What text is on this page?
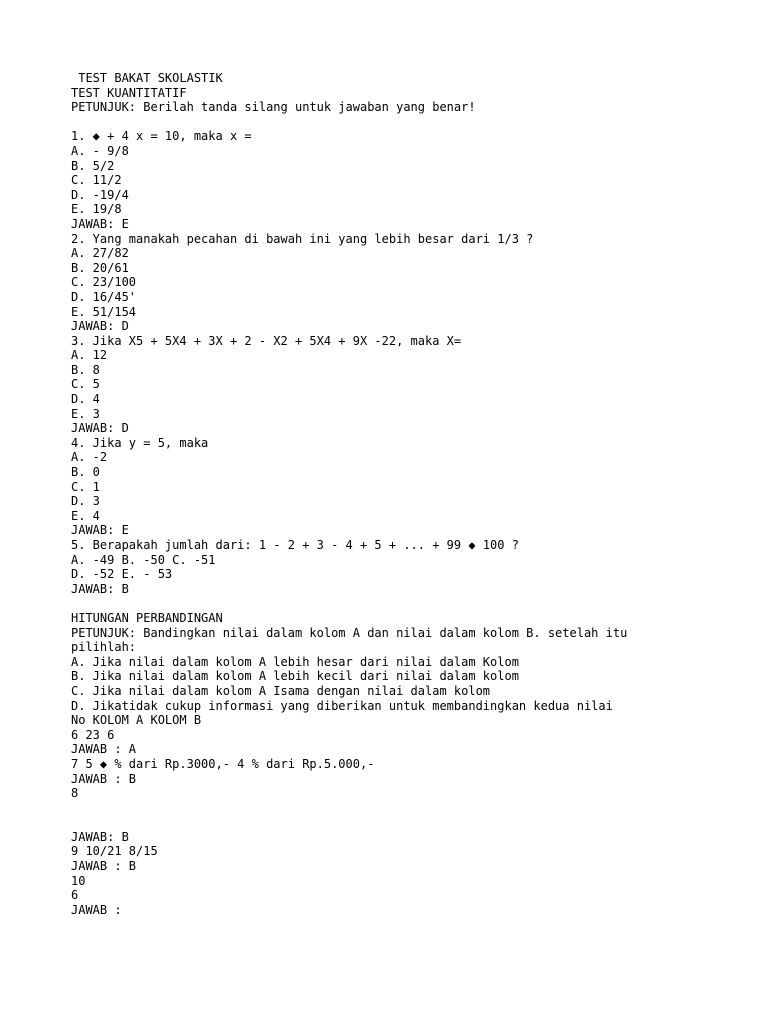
TEST BAKAT SKOLASTIK
TEST KUANTITATIF
PETUNJUK: Berilah tanda silang untuk jawaban yang benar!
1. ◆ + 4 x = 10, maka x =
A. - 9/8
B. 5/2
C. 11/2
D. -19/4
E. 19/8
JAWAB: E
2. Yang manakah pecahan di bawah ini yang lebih besar dari 1/3 ?
A. 27/82
B. 20/61
C. 23/100
D. 16/45'
E. 51/154
JAWAB: D
3. Jika X5 + 5X4 + 3X + 2 - X2 + 5X4 + 9X -22, maka X=
A. 12
B. 8
C. 5
D. 4
E. 3
JAWAB: D
4. Jika y = 5, maka
A. -2
B. 0
C. 1
D. 3
E. 4
JAWAB: E
5. Berapakah jumlah dari: 1 - 2 + 3 - 4 + 5 + ... + 99 ◆ 100 ?
A. -49 B. -50 C. -51
D. -52 E. - 53
JAWAB: B
HITUNGAN PERBANDINGAN
PETUNJUK: Bandingkan nilai dalam kolom A dan nilai dalam kolom B. setelah itu
pilihlah:
A. Jika nilai dalam kolom A lebih hesar dari nilai dalam Kolom
B. Jika nilai dalam kolom A lebih kecil dari nilai dalam kolom
C. Jika nilai dalam kolom A Isama dengan nilai dalam kolom
D. Jikatidak cukup informasi yang diberikan untuk membandingkan kedua nilai
No KOLOM A KOLOM B
6 23 6
JAWAB : A
7 5 ◆ % dari Rp.3000,- 4 % dari Rp.5.000,-
JAWAB : B
8
JAWAB: B
9 10/21 8/15
JAWAB : B
10
6
JAWAB :
